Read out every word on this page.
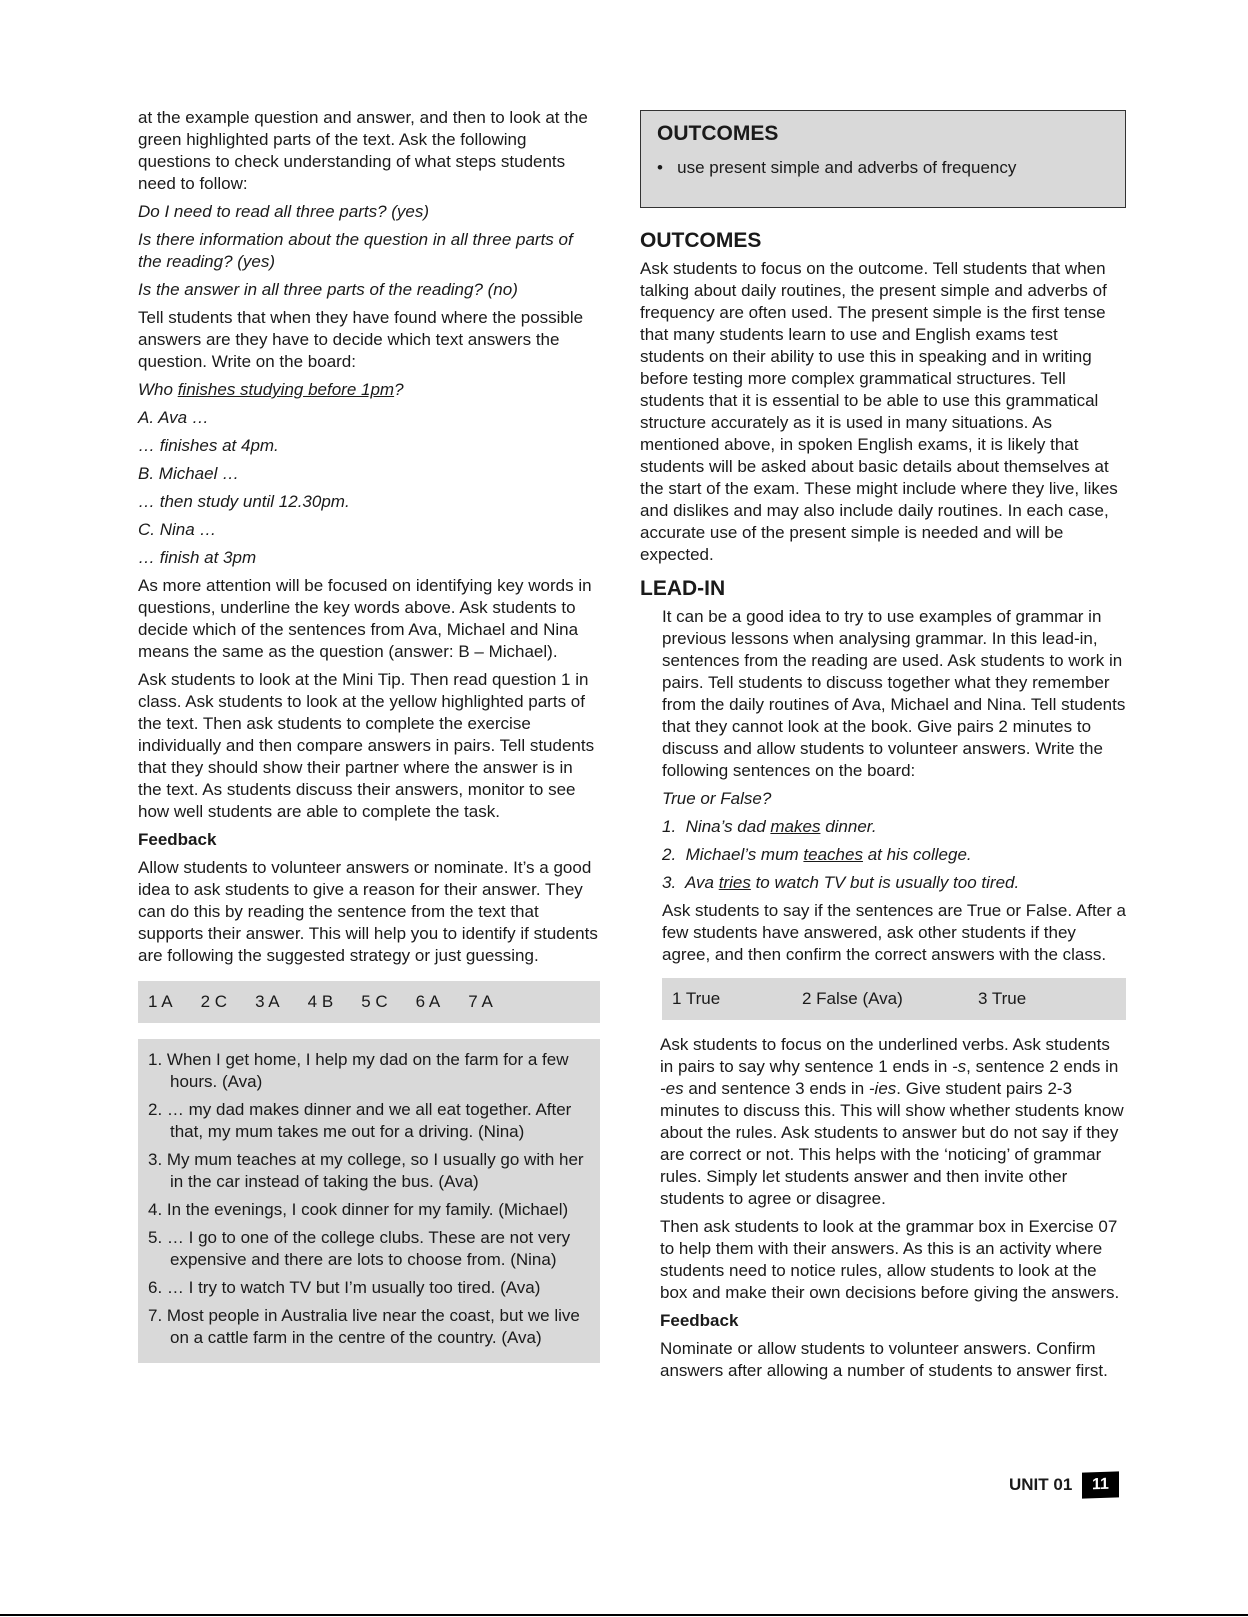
at the example question and answer, and then to look at the green highlighted parts of the text. Ask the following questions to check understanding of what steps students need to follow:

Do I need to read all three parts? (yes)

Is there information about the question in all three parts of the reading? (yes)

Is the answer in all three parts of the reading? (no)

Tell students that when they have found where the possible answers are they have to decide which text answers the question. Write on the board:

Who finishes studying before 1pm?

A. Ava …

… finishes at 4pm.

B. Michael …

… then study until 12.30pm.

C. Nina …

… finish at 3pm

As more attention will be focused on identifying key words in questions, underline the key words above. Ask students to decide which of the sentences from Ava, Michael and Nina means the same as the question (answer: B – Michael).

Ask students to look at the Mini Tip. Then read question 1 in class. Ask students to look at the yellow highlighted parts of the text. Then ask students to complete the exercise individually and then compare answers in pairs. Tell students that they should show their partner where the answer is in the text. As students discuss their answers, monitor to see how well students are able to complete the task.

Feedback

Allow students to volunteer answers or nominate. It’s a good idea to ask students to give a reason for their answer. They can do this by reading the sentence from the text that supports their answer. This will help you to identify if students are following the suggested strategy or just guessing.

1 A 2 C 3 A 4 B 5 C 6 A 7 A
1. When I get home, I help my dad on the farm for a few hours. (Ava)
2. … my dad makes dinner and we all eat together. After that, my mum takes me out for a driving. (Nina)
3. My mum teaches at my college, so I usually go with her in the car instead of taking the bus. (Ava)
4. In the evenings, I cook dinner for my family. (Michael)
5. … I go to one of the college clubs. These are not very expensive and there are lots to choose from. (Nina)
6. … I try to watch TV but I’m usually too tired. (Ava)
7. Most people in Australia live near the coast, but we live on a cattle farm in the centre of the country. (Ava)
OUTCOMES
•   use present simple and adverbs of frequency
OUTCOMES

Ask students to focus on the outcome. Tell students that when talking about daily routines, the present simple and adverbs of frequency are often used. The present simple is the first tense that many students learn to use and English exams test students on their ability to use this in speaking and in writing before testing more complex grammatical structures. Tell students that it is essential to be able to use this grammatical structure accurately as it is used in many situations. As mentioned above, in spoken English exams, it is likely that students will be asked about basic details about themselves at the start of the exam. These might include where they live, likes and dislikes and may also include daily routines. In each case, accurate use of the present simple is needed and will be expected.

LEAD-IN

It can be a good idea to try to use examples of grammar in previous lessons when analysing grammar. In this lead-in, sentences from the reading are used. Ask students to work in pairs. Tell students to discuss together what they remember from the daily routines of Ava, Michael and Nina. Tell students that they cannot look at the book. Give pairs 2 minutes to discuss and allow students to volunteer answers. Write the following sentences on the board:

True or False?

1. Nina’s dad makes dinner.
2. Michael’s mum teaches at his college.
3. Ava tries to watch TV but is usually too tired.

Ask students to say if the sentences are True or False. After a few students have answered, ask other students if they agree, and then confirm the correct answers with the class.

1 True	2 False (Ava)	3 True

Ask students to focus on the underlined verbs. Ask students in pairs to say why sentence 1 ends in -s, sentence 2 ends in -es and sentence 3 ends in -ies. Give student pairs 2-3 minutes to discuss this. This will show whether students know about the rules. Ask students to answer but do not say if they are correct or not. This helps with the ‘noticing’ of grammar rules. Simply let students answer and then invite other students to agree or disagree.

Then ask students to look at the grammar box in Exercise 07 to help them with their answers. As this is an activity where students need to notice rules, allow students to look at the box and make their own decisions before giving the answers.

Feedback

Nominate or allow students to volunteer answers. Confirm answers after allowing a number of students to answer first.

UNIT 01	11
